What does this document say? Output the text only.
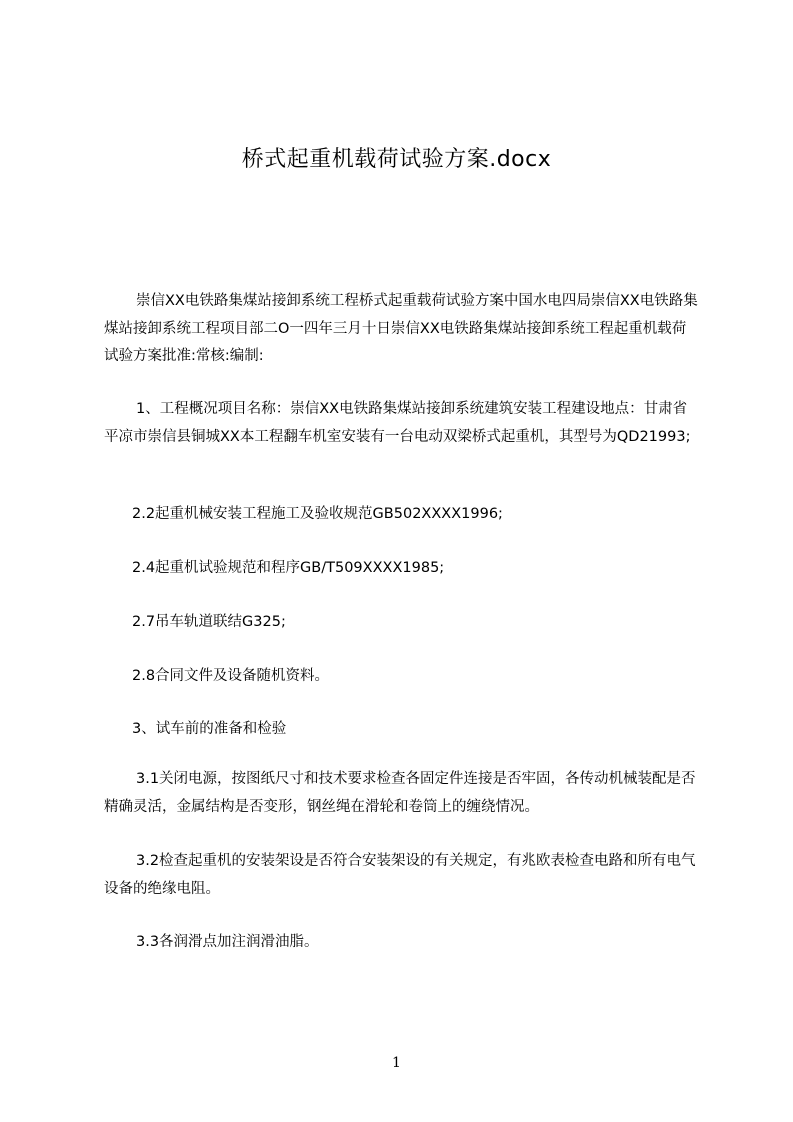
桥式起重机载荷试验方案.docx

崇信XX电铁路集煤站接卸系统工程桥式起重载荷试验方案中国水电四局崇信XX电铁路集煤站接卸系统工程项目部二O一四年三月十日崇信XX电铁路集煤站接卸系统工程起重机载荷试验方案批准:常核:编制:

1、工程概况项目名称：崇信XX电铁路集煤站接卸系统建筑安装工程建设地点：甘肃省平凉市崇信县铜城XX本工程翻车机室安装有一台电动双梁桥式起重机，其型号为QD21993;

2.2起重机械安装工程施工及验收规范GB502XXXX1996;

2.4起重机试验规范和程序GB/T509XXXX1985;

2.7吊车轨道联结G325;

2.8合同文件及设备随机资料。

3、试车前的准备和检验

3.1关闭电源，按图纸尺寸和技术要求检查各固定件连接是否牢固，各传动机械装配是否精确灵活，金属结构是否变形，钢丝绳在滑轮和卷筒上的缠绕情况。

3.2检查起重机的安装架设是否符合安装架设的有关规定，有兆欧表检查电路和所有电气设备的绝缘电阻。

3.3各润滑点加注润滑油脂。

1
